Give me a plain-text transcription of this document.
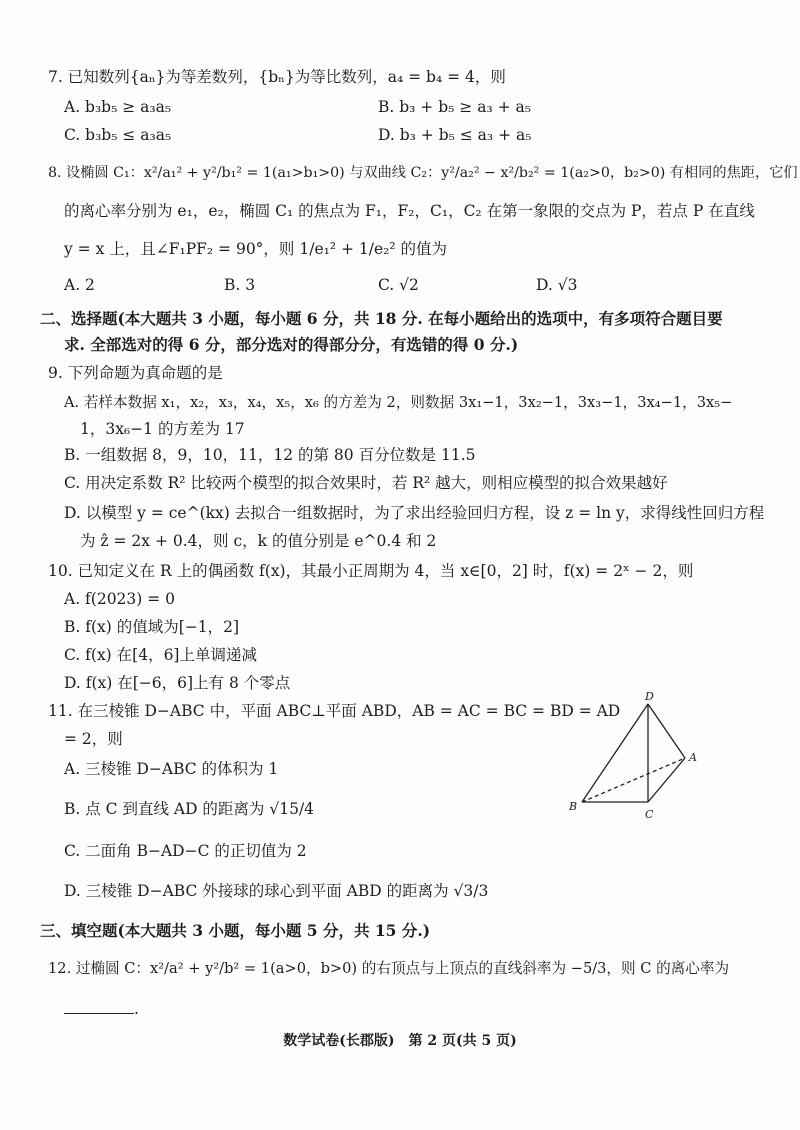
7. 已知数列{aₙ}为等差数列，{bₙ}为等比数列，a₄ = b₄ = 4，则
A. b₃b₅ ≥ a₃a₅	B. b₃ + b₅ ≥ a₃ + a₅
C. b₃b₅ ≤ a₃a₅	D. b₃ + b₅ ≤ a₃ + a₅
8. 设椭圆 C₁：x²/a₁² + y²/b₁² = 1(a₁>b₁>0) 与双曲线 C₂：y²/a₂² − x²/b₂² = 1(a₂>0，b₂>0) 有相同的焦距，它们
的离心率分别为 e₁，e₂，椭圆 C₁ 的焦点为 F₁，F₂，C₁，C₂ 在第一象限的交点为 P，若点 P 在直线
y = x 上，且∠F₁PF₂ = 90°，则 1/e₁² + 1/e₂² 的值为
A. 2	B. 3	C. √2	D. √3
二、选择题(本大题共 3 小题，每小题 6 分，共 18 分. 在每小题给出的选项中，有多项符合题目要
求. 全部选对的得 6 分，部分选对的得部分分，有选错的得 0 分.)
9. 下列命题为真命题的是
A. 若样本数据 x₁，x₂，x₃，x₄，x₅，x₆ 的方差为 2，则数据 3x₁−1，3x₂−1，3x₃−1，3x₄−1，3x₅−
1，3x₆−1 的方差为 17
B. 一组数据 8，9，10，11，12 的第 80 百分位数是 11.5
C. 用决定系数 R² 比较两个模型的拟合效果时，若 R² 越大，则相应模型的拟合效果越好
D. 以模型 y = ce^(kx) 去拟合一组数据时，为了求出经验回归方程，设 z = ln y，求得线性回归方程
为 ẑ = 2x + 0.4，则 c，k 的值分别是 e^0.4 和 2
10. 已知定义在 R 上的偶函数 f(x)，其最小正周期为 4，当 x∈[0，2] 时，f(x) = 2ˣ − 2，则
A. f(2023) = 0
B. f(x) 的值域为[−1，2]
C. f(x) 在[4，6]上单调递减
D. f(x) 在[−6，6]上有 8 个零点
11. 在三棱锥 D−ABC 中，平面 ABC⊥平面 ABD，AB = AC = BC = BD = AD
= 2，则
A. 三棱锥 D−ABC 的体积为 1
B. 点 C 到直线 AD 的距离为 √15/4
C. 二面角 B−AD−C 的正切值为 2
D. 三棱锥 D−ABC 外接球的球心到平面 ABD 的距离为 √3/3
D
A
B
C
三、填空题(本大题共 3 小题，每小题 5 分，共 15 分.)
12. 过椭圆 C：x²/a² + y²/b² = 1(a>0，b>0) 的右顶点与上顶点的直线斜率为 −5/3，则 C 的离心率为
.
数学试卷(长郡版)　第 2 页(共 5 页)
